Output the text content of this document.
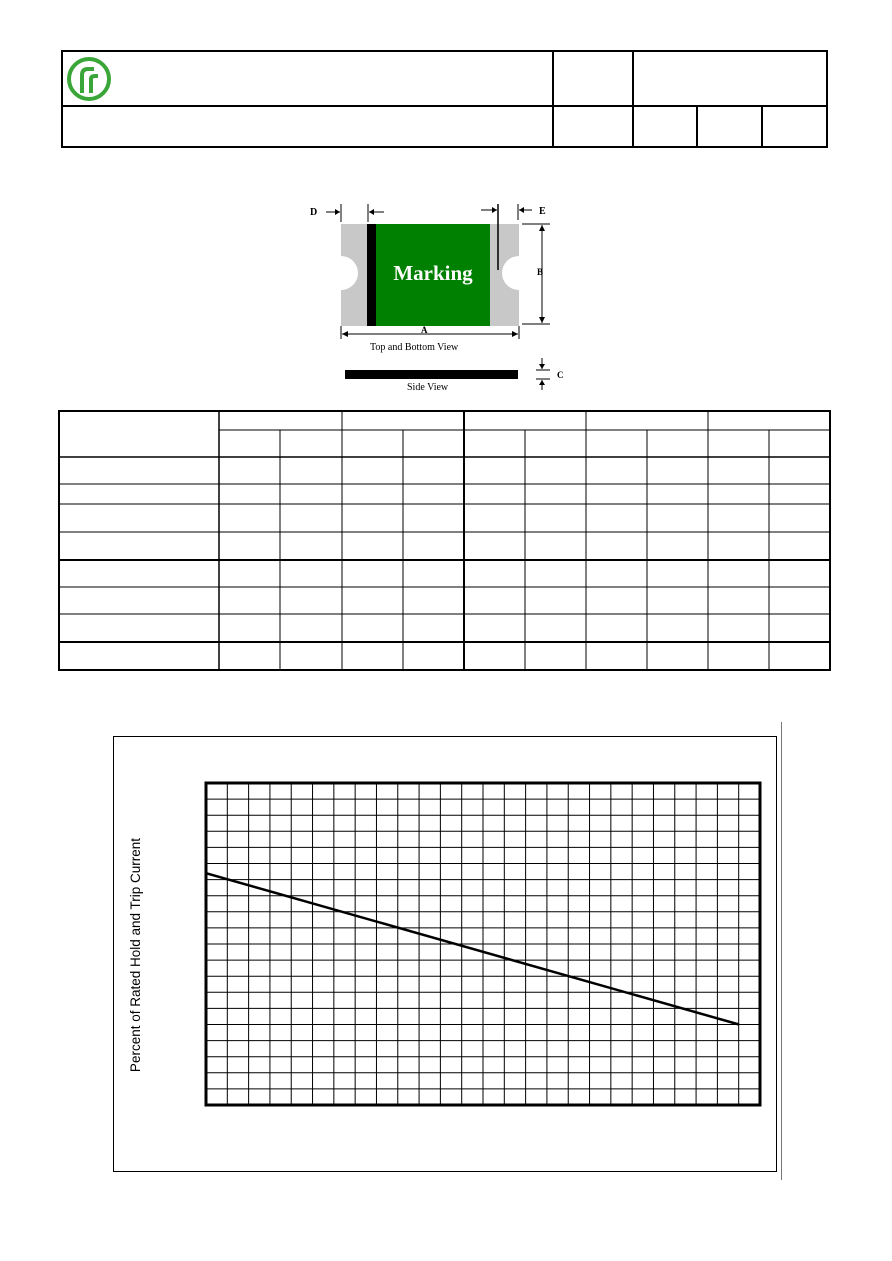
Marking
D	E
B
A
C
Top and Bottom View
Side View
Percent of Rated Hold and Trip Current
